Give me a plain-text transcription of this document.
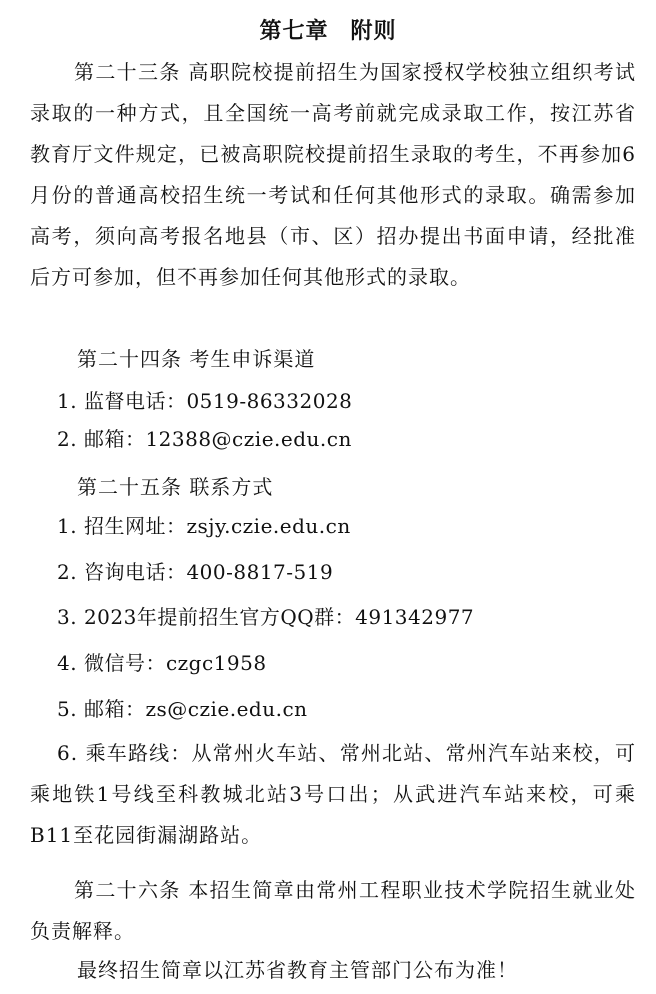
第七章 附则
第二十三条 高职院校提前招生为国家授权学校独立组织考试录取的一种方式，且全国统一高考前就完成录取工作，按江苏省教育厅文件规定，已被高职院校提前招生录取的考生，不再参加6月份的普通高校招生统一考试和任何其他形式的录取。确需参加高考，须向高考报名地县（市、区）招办提出书面申请，经批准后方可参加，但不再参加任何其他形式的录取。
第二十四条 考生申诉渠道
1. 监督电话：0519-86332028
2. 邮箱：12388@czie.edu.cn
第二十五条 联系方式
1. 招生网址：zsjy.czie.edu.cn
2. 咨询电话：400-8817-519
3. 2023年提前招生官方QQ群：491342977
4. 微信号：czgc1958
5. 邮箱：zs@czie.edu.cn
6. 乘车路线：从常州火车站、常州北站、常州汽车站来校，可乘地铁1号线至科教城北站3号口出；从武进汽车站来校，可乘B11至花园街漏湖路站。
第二十六条 本招生简章由常州工程职业技术学院招生就业处负责解释。
最终招生简章以江苏省教育主管部门公布为准！
